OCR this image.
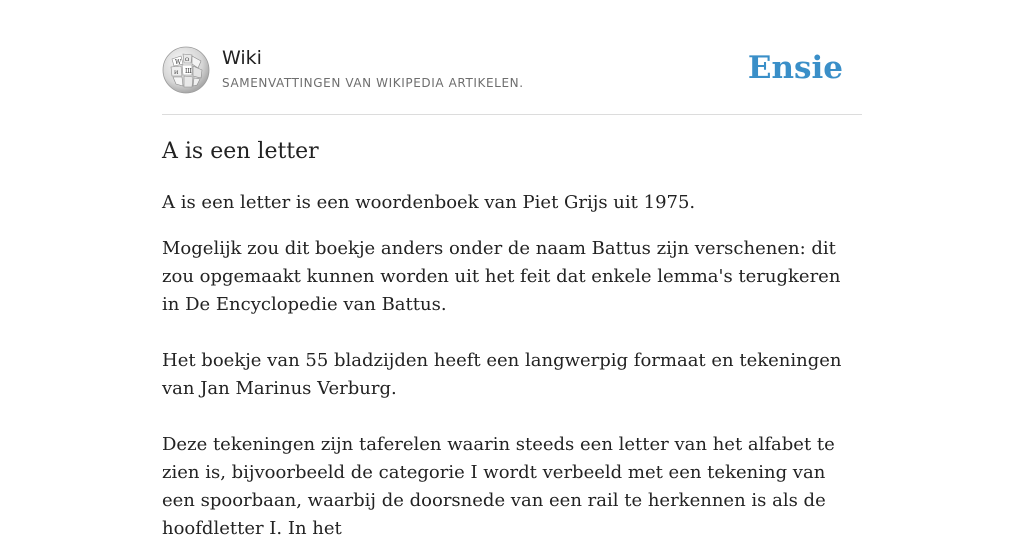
W Ω
И Ш
Wiki
SAMENVATTINGEN VAN WIKIPEDIA ARTIKELEN.	Ensie
A is een letter

A is een letter is een woordenboek van Piet Grijs uit 1975.

Mogelijk zou dit boekje anders onder de naam Battus zijn verschenen: dit zou opgemaakt kunnen worden uit het feit dat enkele lemma's terugkeren in De Encyclopedie van Battus.

Het boekje van 55 bladzijden heeft een langwerpig formaat en tekeningen van Jan Marinus Verburg.

Deze tekeningen zijn taferelen waarin steeds een letter van het alfabet te zien is, bijvoorbeeld de categorie I wordt verbeeld met een tekening van een spoorbaan, waarbij de doorsnede van een rail te herkennen is als de hoofdletter I. In het
